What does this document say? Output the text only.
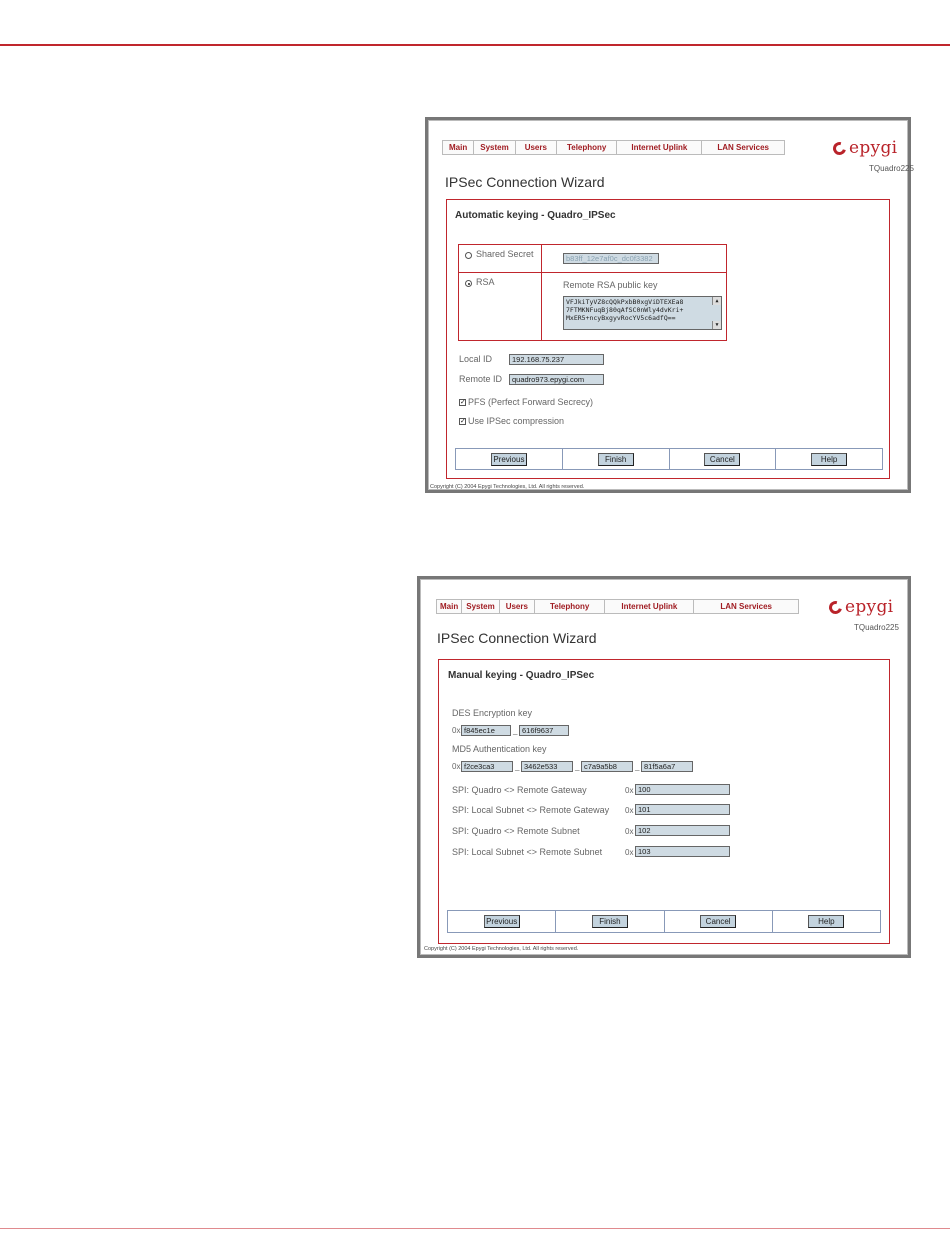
Main	System	Users	Telephony	Internet Uplink	LAN Services	epygi
TQuadro225
IPSec Connection Wizard
Automatic keying - Quadro_IPSec
Shared Secret	b83ff_12e7af0c_dc0f3382
RSA	Remote RSA public key
VFJkiTyVZ8cQQkPxbB0xgViDTEXEa8
7FTMKNFuqBj80qAfSC0nWly4dvKri+
MxER5+ncyBxgyvRocYV5c6adfQ==
▲
▼
Local ID	192.168.75.237
Remote ID	quadro973.epygi.com
✓ PFS (Perfect Forward Secrecy)
✓ Use IPSec compression
Previous	Finish	Cancel	Help
Copyright (C) 2004 Epygi Technologies, Ltd. All rights reserved.
Main	System	Users	Telephony	Internet Uplink	LAN Services	epygi
TQuadro225
IPSec Connection Wizard
Manual keying - Quadro_IPSec
DES Encryption key
0x f845ec1e	_ 616f9637
MD5 Authentication key
0x f2ce3ca3	_ 3462e533	_ c7a9a5b8	_ 81f5a6a7
SPI: Quadro <> Remote Gateway	0x 100
SPI: Local Subnet <> Remote Gateway 0x 101
SPI: Quadro <> Remote Subnet	0x 102
SPI: Local Subnet <> Remote Subnet	0x 103
Previous	Finish	Cancel	Help
Copyright (C) 2004 Epygi Technologies, Ltd. All rights reserved.
